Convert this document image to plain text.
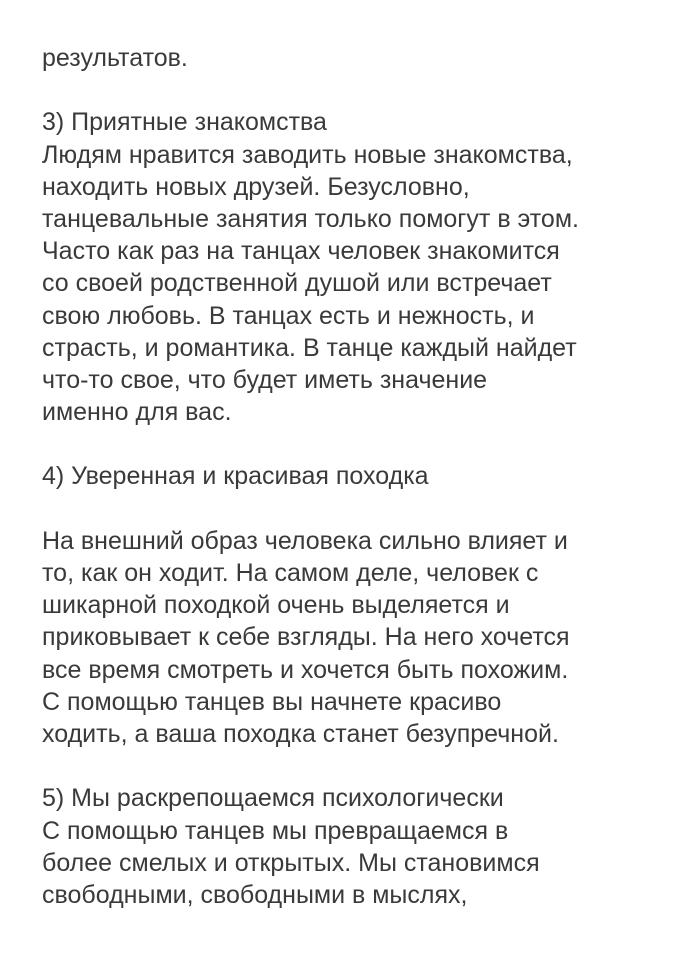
результатов.
3) Приятные знакомства
Людям нравится заводить новые знакомства,
находить новых друзей. Безусловно,
танцевальные занятия только помогут в этом.
Часто как раз на танцах человек знакомится
со своей родственной душой или встречает
свою любовь. В танцах есть и нежность, и
страсть, и романтика. В танце каждый найдет
что-то свое, что будет иметь значение
именно для вас.
4) Уверенная и красивая походка
На внешний образ человека сильно влияет и
то, как он ходит. На самом деле, человек с
шикарной походкой очень выделяется и
приковывает к себе взгляды. На него хочется
все время смотреть и хочется быть похожим.
С помощью танцев вы начнете красиво
ходить, а ваша походка станет безупречной.
5) Мы раскрепощаемся психологически
С помощью танцев мы превращаемся в
более смелых и открытых. Мы становимся
свободными, свободными в мыслях,
